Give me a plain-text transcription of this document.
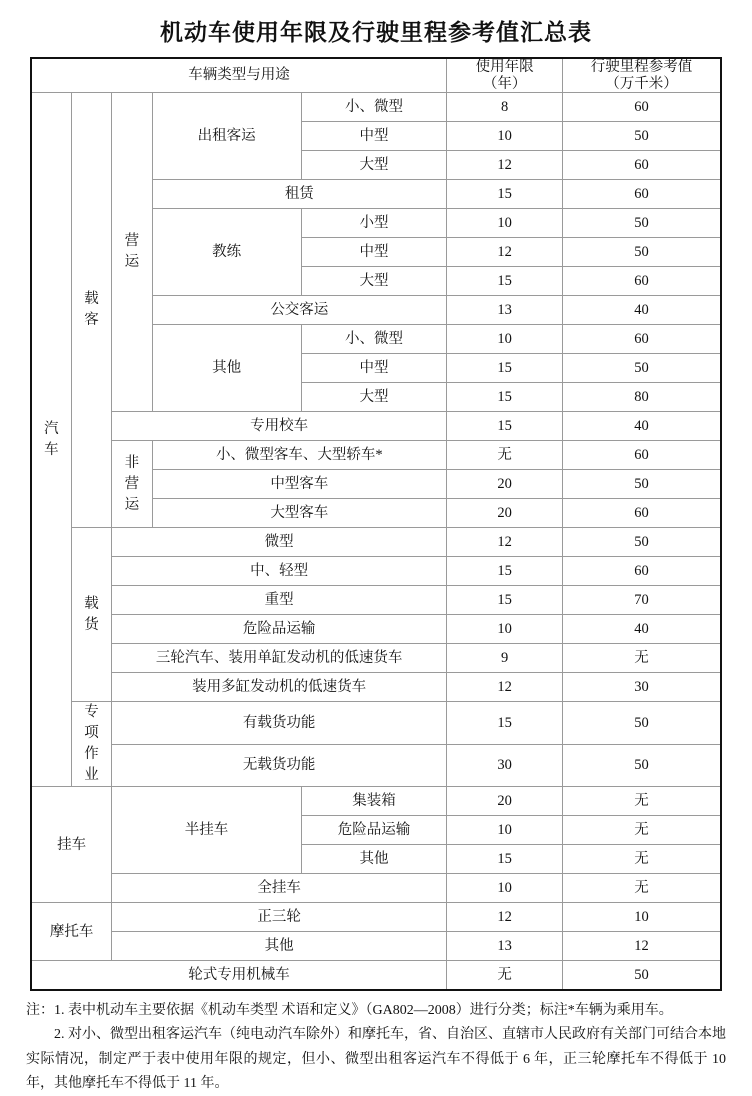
机动车使用年限及行驶里程参考值汇总表
车辆类型与用途					使用年限
（年）	行驶里程参考值
（万千米）

汽车	载客	营运	出租客运	小、微型	8	60
				中型	10	50
				大型	12	60
			租赁		15	60
			教练	小型	10	50
				中型	12	50
				大型	15	60
			公交客运		13	40
			其他	小、微型	10	60
				中型	15	50
				大型	15	80
		专用校车			15	40

		非营运	小、微型客车、大型轿车*		无	60
			中型客车		20	50
			大型客车		20	60

	载货	微型			12	50
		中、轻型			15	60
		重型			15	70
		危险品运输			10	40
		三轮汽车、装用单缸发动机的低速货车			9	无
		装用多缸发动机的低速货车			12	30

	专项作业	有载货功能			15	50
		无载货功能			30	50
挂车		半挂车		集装箱	20	无
				危险品运输	10	无
				其他	15	无
		全挂车			10	无
摩托车		正三轮			12	10
		其他			13	12
轮式专用机械车					无	50

注：1. 表中机动车主要依据《机动车类型 术语和定义》（GA802—2008）进行分类；标注*车辆为乘用车。

2. 对小、微型出租客运汽车（纯电动汽车除外）和摩托车，省、自治区、直辖市人民政府有关部门可结合本地实际情况，制定严于表中使用年限的规定，但小、微型出租客运汽车不得低于 6 年，正三轮摩托车不得低于 10 年，其他摩托车不得低于 11 年。
